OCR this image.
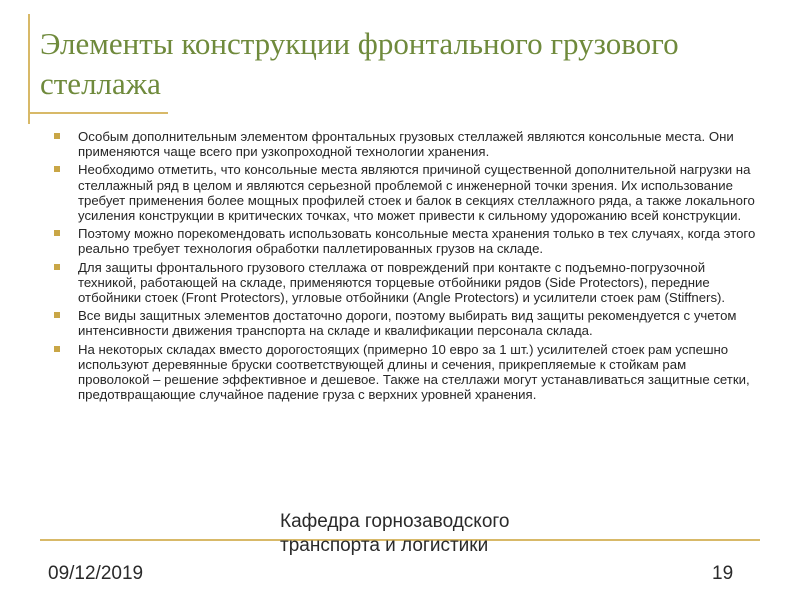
Элементы конструкции фронтального грузового стеллажа
Особым дополнительным элементом фронтальных грузовых стеллажей являются консольные места. Они применяются чаще всего при узкопроходной технологии хранения.
Необходимо отметить, что консольные места являются причиной существенной дополнительной нагрузки на стеллажный ряд в целом и являются серьезной проблемой с инженерной точки зрения. Их использование требует применения более мощных профилей стоек и балок в секциях стеллажного ряда, а также локального усиления конструкции в критических точках, что может привести к сильному удорожанию всей конструкции.
Поэтому можно порекомендовать использовать консольные места хранения только в тех случаях, когда этого реально требует технология обработки паллетированных грузов на складе.
Для защиты фронтального грузового стеллажа от повреждений при контакте с подъемно-погрузочной техникой, работающей на складе, применяются торцевые отбойники рядов (Side Protectors), передние отбойники стоек (Front Protectors), угловые отбойники (Angle Protectors) и усилители стоек рам (Stiffners).
Все виды защитных элементов достаточно дороги, поэтому выбирать вид защиты рекомендуется с учетом интенсивности движения транспорта на складе и квалификации персонала склада.
На некоторых складах вместо дорогостоящих (примерно 10 евро за 1 шт.) усилителей стоек рам успешно используют деревянные бруски соответствующей длины и сечения, прикрепляемые к стойкам рам проволокой – решение эффективное и дешевое. Также на стеллажи могут устанавливаться защитные сетки, предотвращающие случайное падение груза с верхних уровней хранения.
09/12/2019
Кафедра горнозаводского транспорта и логистики
19
